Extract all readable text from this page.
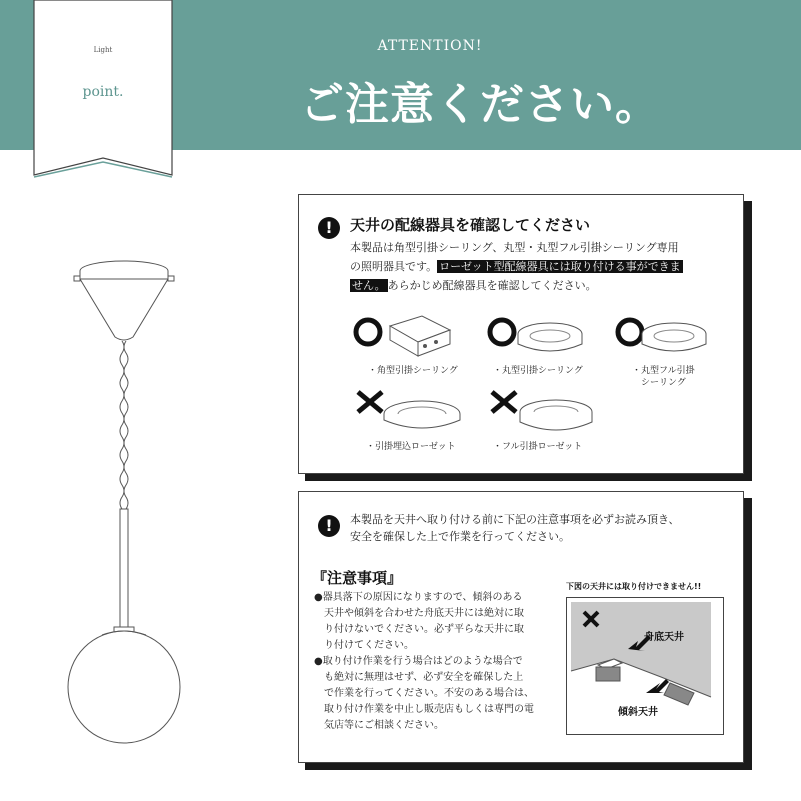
ATTENTION!
ご注意ください。
Light
point.
!	天井の配線器具を確認してください
本製品は角型引掛シーリング、丸型・丸型フル引掛シーリング専用
の照明器具です。 ローゼット型配線器具には取り付ける事ができま
せん。 あらかじめ配線器具を確認してください。
・角型引掛シーリング	・丸型引掛シーリング	・丸型フル引掛
シーリング
・引掛埋込ローゼット	・フル引掛ローゼット
!	本製品を天井へ取り付ける前に下記の注意事項を必ずお読み頂き、
安全を確保した上で作業を行ってください。
『注意事項』
●器具落下の原因になりますので、傾斜のある
天井や傾斜を合わせた舟底天井には絶対に取
り付けないでください。必ず平らな天井に取
り付けてください。
●取り付け作業を行う場合はどのような場合で
も絶対に無理はせず、必ず安全を確保した上
で作業を行ってください。不安のある場合は、
取り付け作業を中止し販売店もしくは専門の電
気店等にご相談ください。
下図の天井には取り付けできません!!
舟底天井
傾斜天井
